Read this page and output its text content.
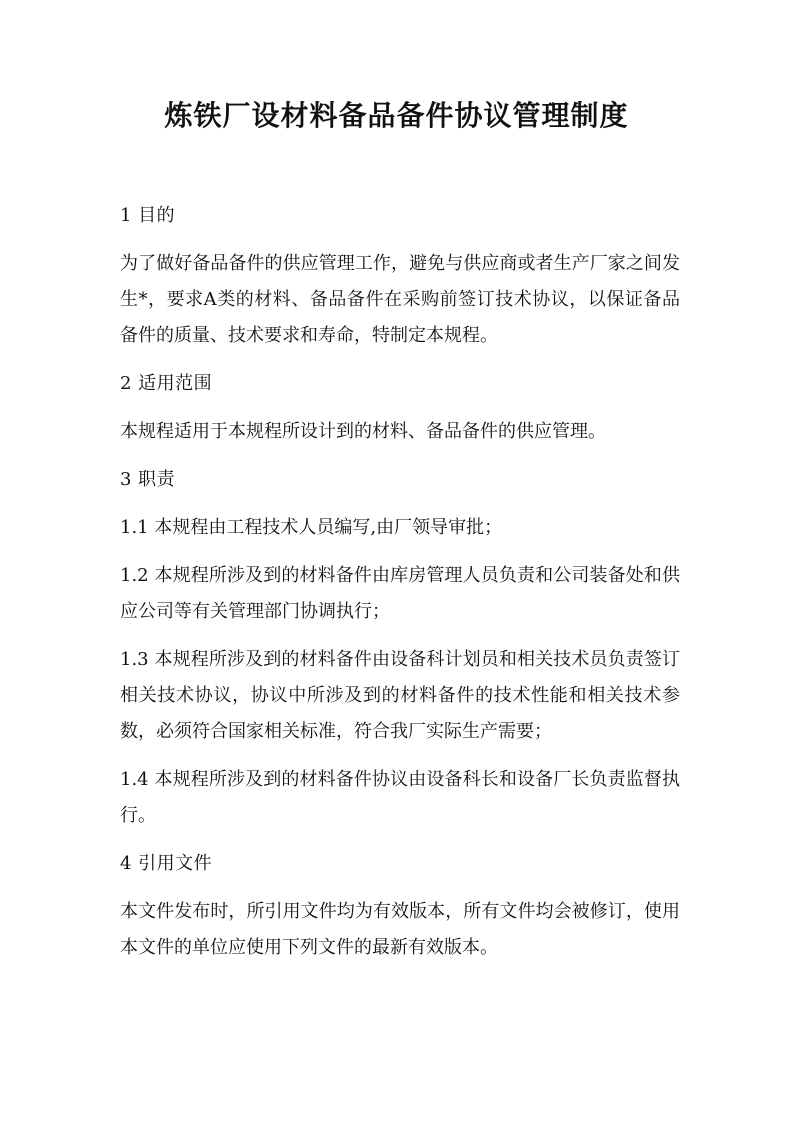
炼铁厂设材料备品备件协议管理制度

1 目的

为了做好备品备件的供应管理工作，避免与供应商或者生产厂家之间发生*，要求A类的材料、备品备件在采购前签订技术协议，以保证备品备件的质量、技术要求和寿命，特制定本规程。

2 适用范围

本规程适用于本规程所设计到的材料、备品备件的供应管理。

3 职责

1.1 本规程由工程技术人员编写,由厂领导审批；

1.2 本规程所涉及到的材料备件由库房管理人员负责和公司装备处和供应公司等有关管理部门协调执行；

1.3 本规程所涉及到的材料备件由设备科计划员和相关技术员负责签订相关技术协议，协议中所涉及到的材料备件的技术性能和相关技术参数，必须符合国家相关标准，符合我厂实际生产需要；

1.4 本规程所涉及到的材料备件协议由设备科长和设备厂长负责监督执行。

4 引用文件

本文件发布时，所引用文件均为有效版本，所有文件均会被修订，使用本文件的单位应使用下列文件的最新有效版本。
